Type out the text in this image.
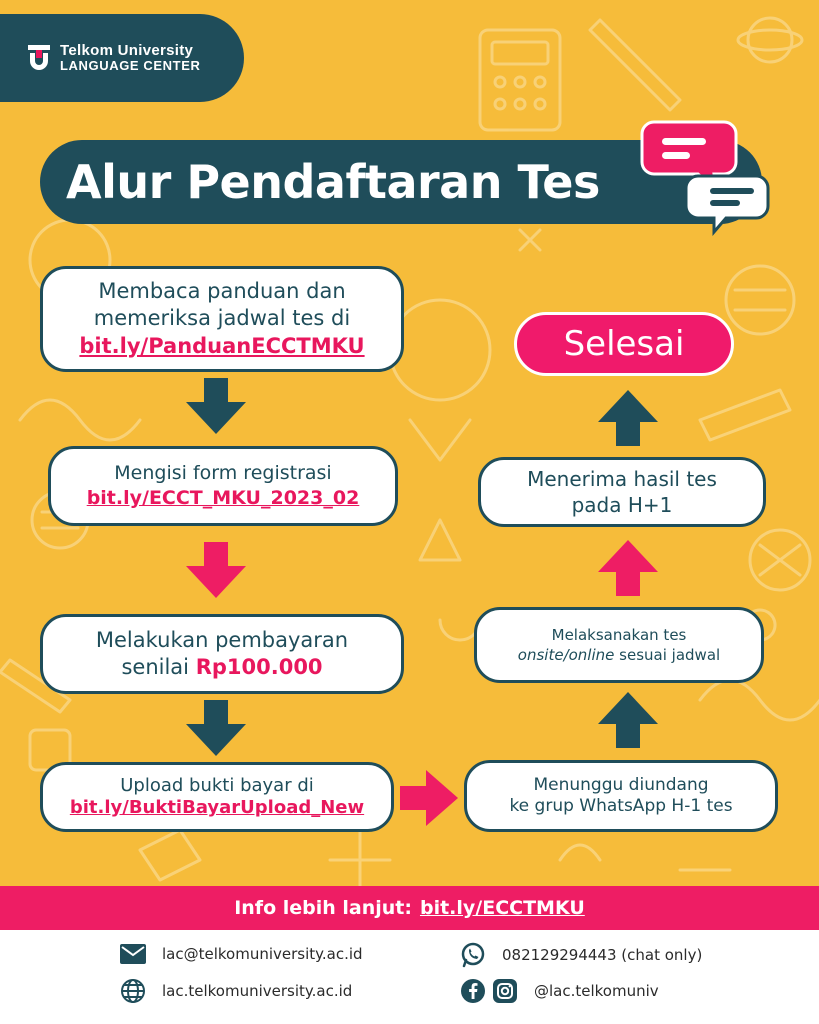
Telkom University
LANGUAGE CENTER
Alur Pendaftaran Tes
Membaca panduan dan
memeriksa jadwal tes di
bit.ly/PanduanECCTMKU
Mengisi form registrasi
bit.ly/ECCT_MKU_2023_02
Melakukan pembayaran
senilai Rp100.000
Upload bukti bayar di
bit.ly/BuktiBayarUpload_New
Menunggu diundang
ke grup WhatsApp H-1 tes
Melaksanakan tes
onsite/online sesuai jadwal
Menerima hasil tes
pada H+1
Selesai
Info lebih lanjut: bit.ly/ECCTMKU
lac@telkomuniversity.ac.id
lac.telkomuniversity.ac.id
082129294443 (chat only)
@lac.telkomuniv
